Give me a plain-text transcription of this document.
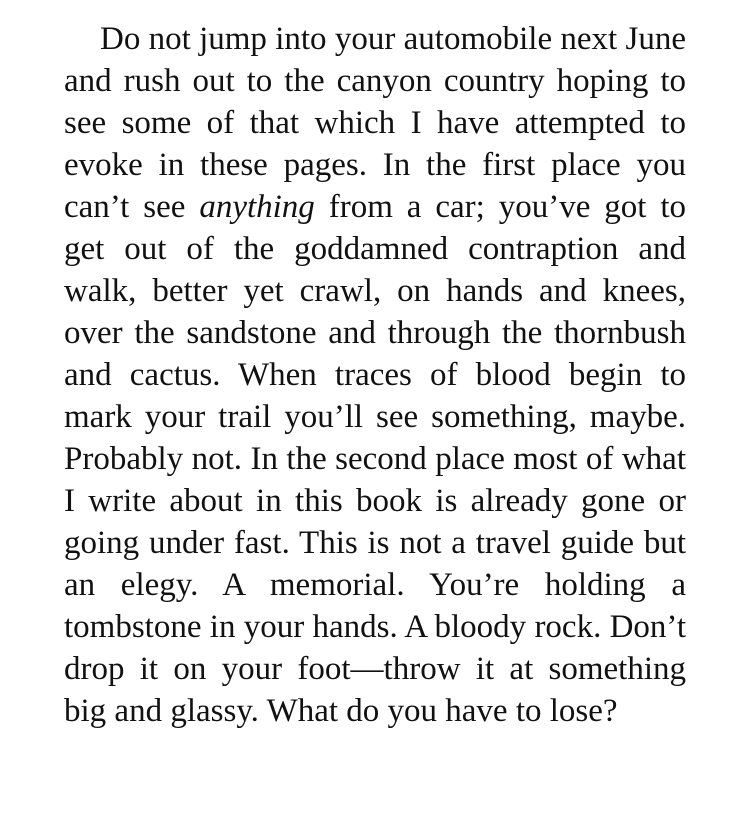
Do not jump into your automobile next June and rush out to the canyon country hoping to see some of that which I have attempted to evoke in these pages. In the first place you can’t see anything from a car; you’ve got to get out of the goddamned contraption and walk, better yet crawl, on hands and knees, over the sandstone and through the thornbush and cactus. When traces of blood begin to mark your trail you’ll see something, maybe. Probably not. In the second place most of what I write about in this book is already gone or going under fast. This is not a travel guide but an elegy. A memorial. You’re holding a tombstone in your hands. A bloody rock. Don’t drop it on your foot—throw it at something big and glassy. What do you have to lose?
